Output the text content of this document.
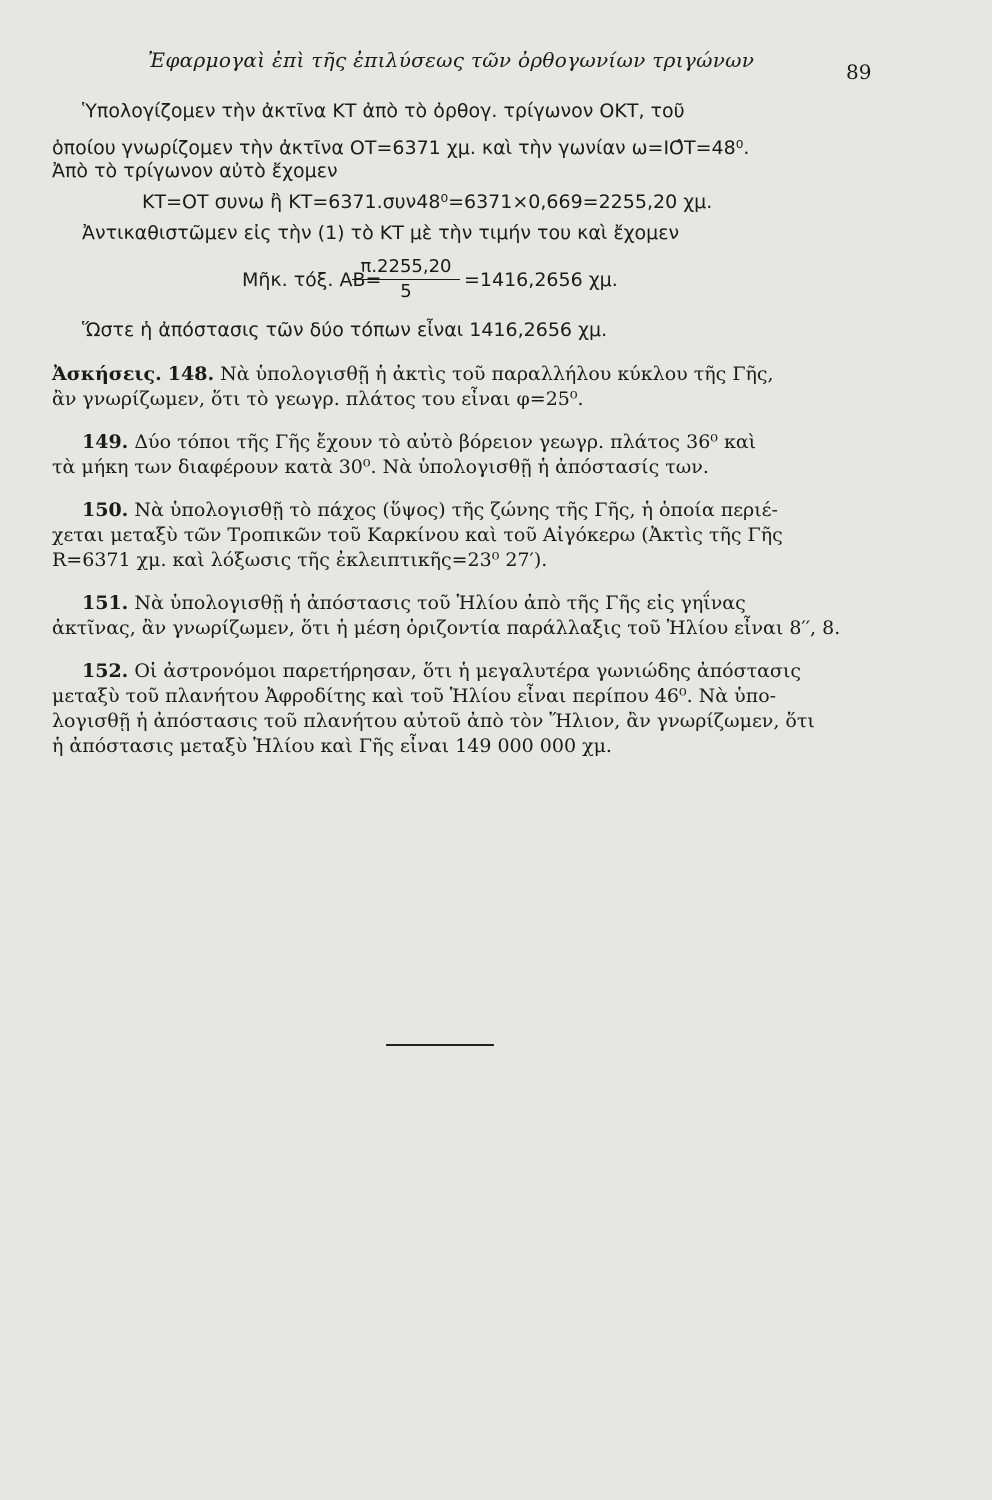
Ἐφαρμογαὶ ἐπὶ τῆς ἐπιλύσεως τῶν ὀρθογωνίων τριγώνων	89

Ὑπολογίζομεν τὴν ἀκτῖνα ΚΤ ἀπὸ τὸ ὀρθογ. τρίγωνον ΟΚΤ, τοῦ

ὁποίου γνωρίζομεν τὴν ἀκτῖνα ΟΤ=6371 χμ. καὶ τὴν γωνίαν ω=ΙΟ̂Τ=48⁰.

Ἀπὸ τὸ τρίγωνον αὐτὸ ἔχομεν

ΚΤ=ΟΤ συνω ἢ ΚΤ=6371.συν48⁰=6371×0,669=2255,20 χμ.

Ἀντικαθιστῶμεν εἰς τὴν (1) τὸ ΚΤ μὲ τὴν τιμήν του καὶ ἔχομεν

Μῆκ. τόξ. ΑΒ=
$\frac{\pi.2255,20}{5} =1416,2656$ χμ.

Ὥστε ἡ ἀπόστασις τῶν δύο τόπων εἶναι 1416,2656 χμ.

Ἀσκήσεις. 148. Νὰ ὑπολογισθῇ ἡ ἀκτὶς τοῦ παραλλήλου κύκλου τῆς Γῆς,

ἂν γνωρίζωμεν, ὅτι τὸ γεωγρ. πλάτος του εἶναι φ=25⁰.

149. Δύο τόποι τῆς Γῆς ἔχουν τὸ αὐτὸ βόρειον γεωγρ. πλάτος 36⁰ καὶ

τὰ μήκη των διαφέρουν κατὰ 30⁰. Νὰ ὑπολογισθῇ ἡ ἀπόστασίς των.

150. Νὰ ὑπολογισθῇ τὸ πάχος (ὕψος) τῆς ζώνης τῆς Γῆς, ἡ ὁποία περιέ-

χεται μεταξὺ τῶν Τροπικῶν τοῦ Καρκίνου καὶ τοῦ Αἰγόκερω (Ἀκτὶς τῆς Γῆς

R=6371 χμ. καὶ λόξωσις τῆς ἐκλειπτικῆς=23⁰ 27′).

151. Νὰ ὑπολογισθῇ ἡ ἀπόστασις τοῦ Ἡλίου ἀπὸ τῆς Γῆς εἰς γηΐνας

ἀκτῖνας, ἂν γνωρίζωμεν, ὅτι ἡ μέση ὁριζοντία παράλλαξις τοῦ Ἡλίου εἶναι 8′′, 8.

152. Οἱ ἀστρονόμοι παρετήρησαν, ὅτι ἡ μεγαλυτέρα γωνιώδης ἀπόστασις

μεταξὺ τοῦ πλανήτου Ἀφροδίτης καὶ τοῦ Ἡλίου εἶναι περίπου 46⁰. Νὰ ὑπο-

λογισθῇ ἡ ἀπόστασις τοῦ πλανήτου αὐτοῦ ἀπὸ τὸν Ἥλιον, ἂν γνωρίζωμεν, ὅτι

ἡ ἀπόστασις μεταξὺ Ἡλίου καὶ Γῆς εἶναι 149 000 000 χμ.
